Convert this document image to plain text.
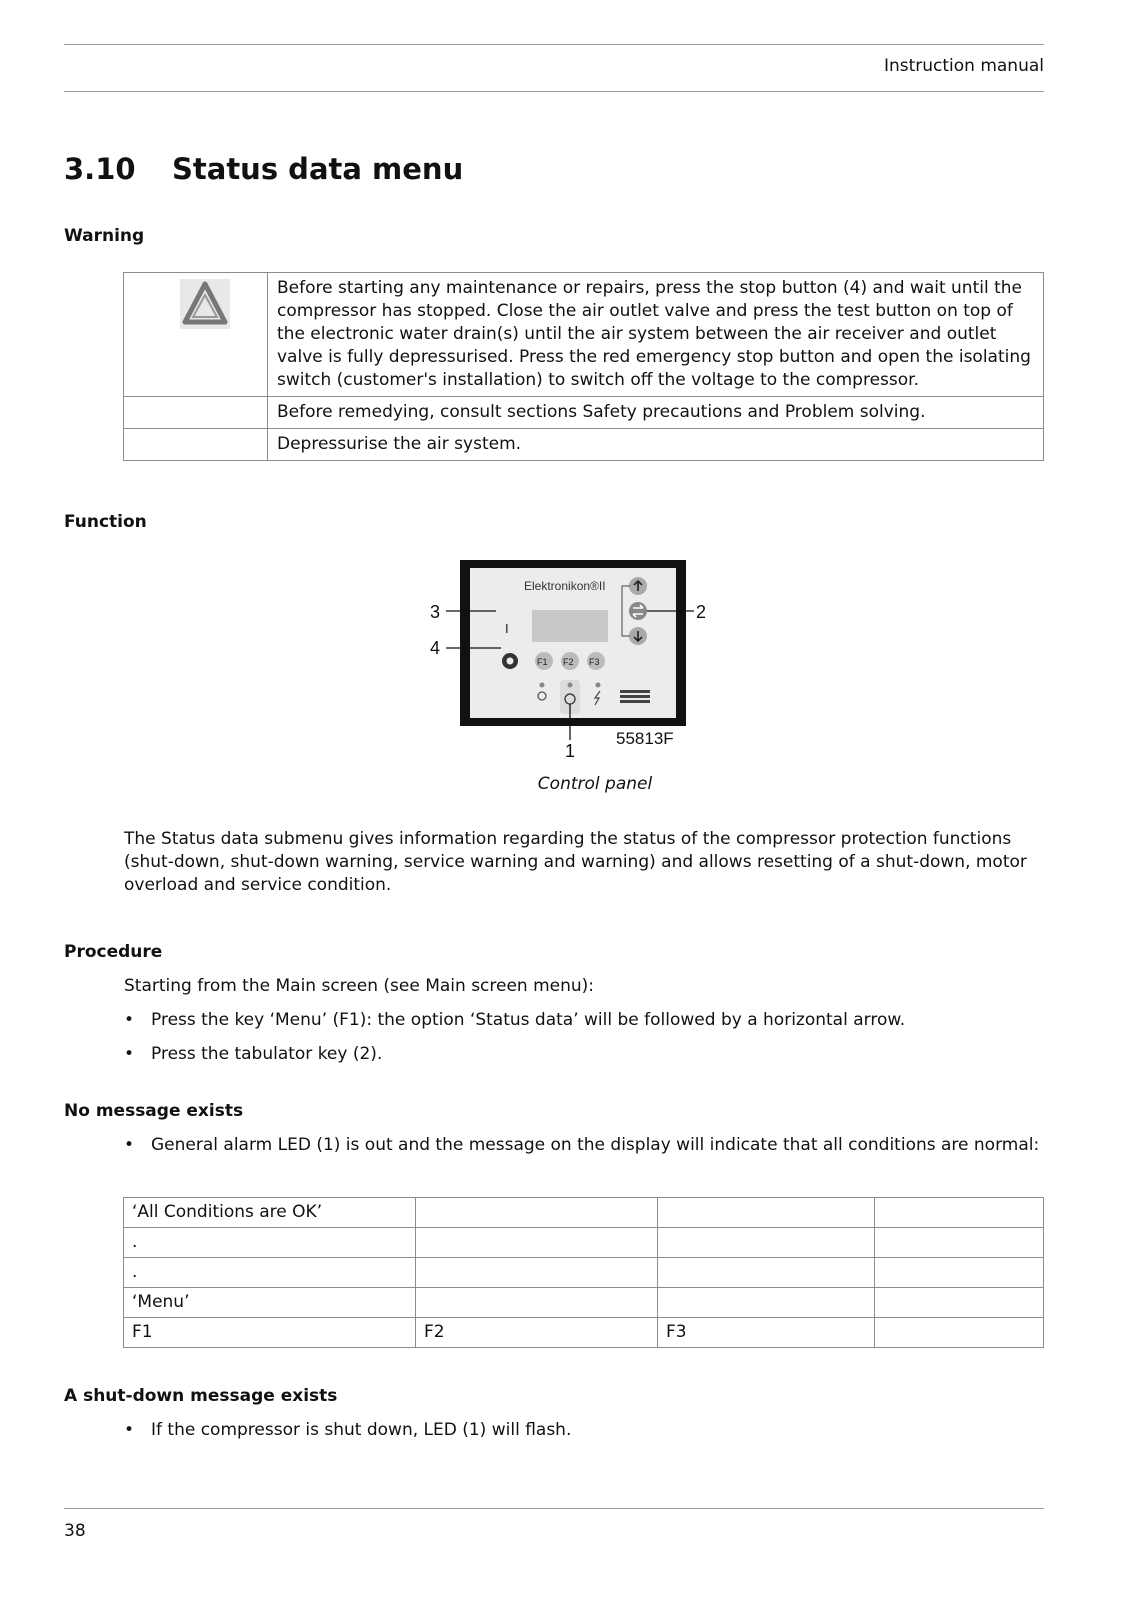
Instruction manual
3.10 Status data menu
Warning
	Before starting any maintenance or repairs, press the stop button (4) and wait until the compressor has stopped. Close the air outlet valve and press the test button on top of the electronic water drain(s) until the air system between the air receiver and outlet valve is fully depressurised. Press the red emergency stop button and open the isolating switch (customer's installation) to switch off the voltage to the compressor.
	Before remedying, consult sections Safety precautions and Problem solving.
	Depressurise the air system.
Function
Elektronikon®II
I
F1 F2 F3
1
2
3
4
55813F
Control panel

The Status data submenu gives information regarding the status of the compressor protection functions (shut-down, shut-down warning, service warning and warning) and allows resetting of a shut-down, motor overload and service condition.

Procedure

Starting from the Main screen (see Main screen menu):

• Press the key ‘Menu’ (F1): the option ‘Status data’ will be followed by a horizontal arrow.

• Press the tabulator key (2).

No message exists

• General alarm LED (1) is out and the message on the display will indicate that all conditions are normal:

‘All Conditions are OK’			
.			
.			
‘Menu’			
F1	F2	F3	
A shut-down message exists

• If the compressor is shut down, LED (1) will flash.

38
